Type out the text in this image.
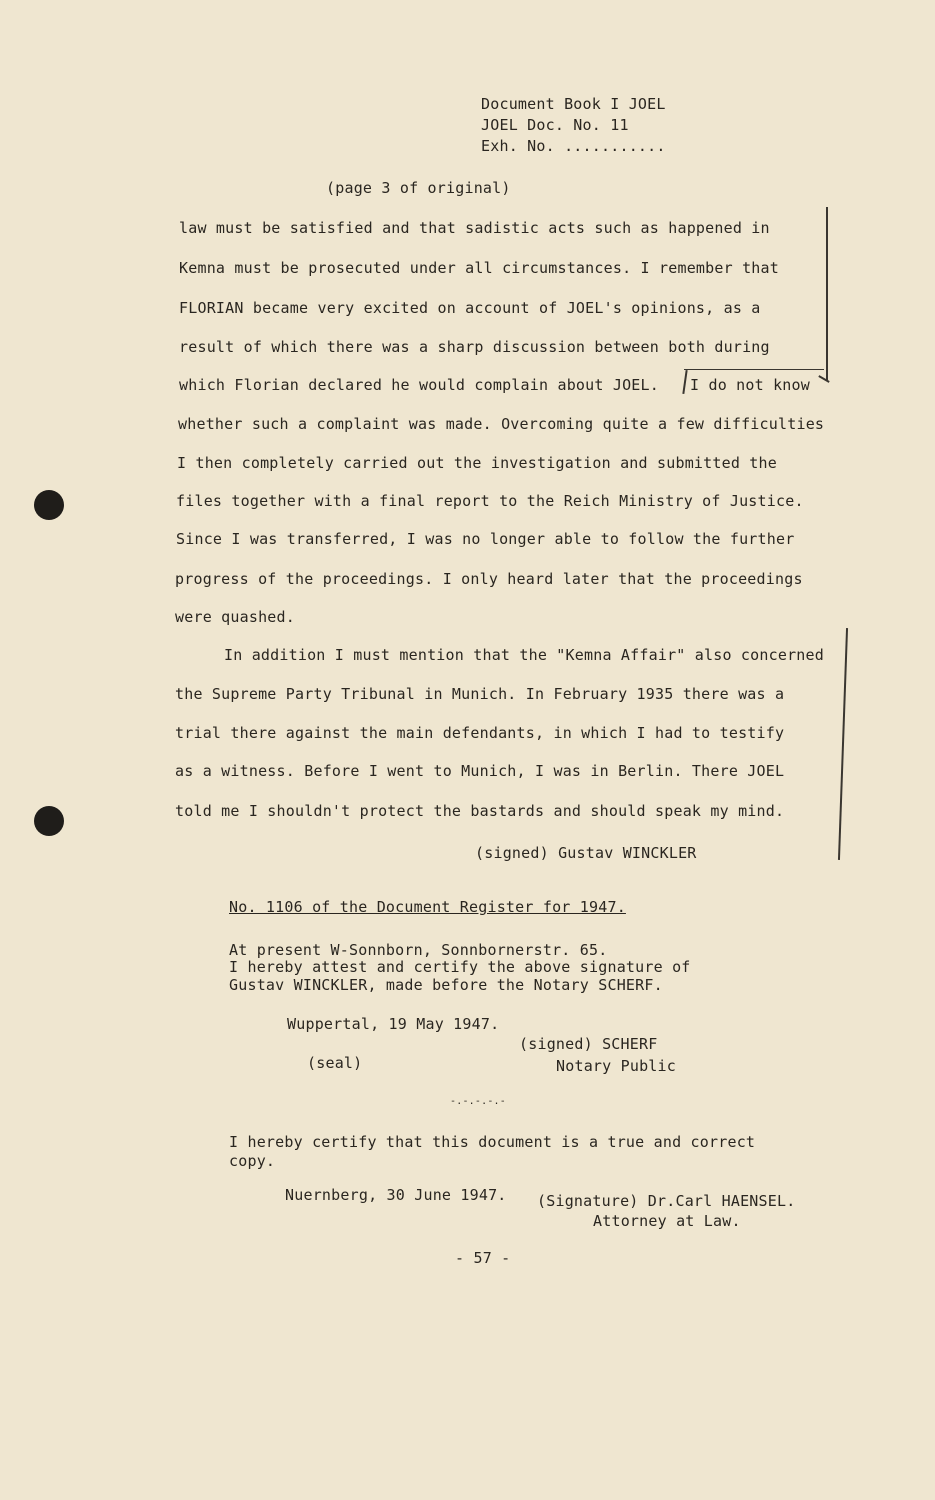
Document Book I JOEL
JOEL Doc. No. 11
Exh. No. ...........
(page 3 of original)
law must be satisfied and that sadistic acts such as happened in
Kemna must be prosecuted under all circumstances. I remember that
FLORIAN became very excited on account of JOEL's opinions, as a
result of which there was a sharp discussion between both during
which Florian declared he would complain about JOEL. I do not know
whether such a complaint was made. Overcoming quite a few difficulties
I then completely carried out the investigation and submitted the
files together with a final report to the Reich Ministry of Justice.
Since I was transferred, I was no longer able to follow the further
progress of the proceedings. I only heard later that the proceedings
were quashed.
In addition I must mention that the "Kemna Affair" also concerned
the Supreme Party Tribunal in Munich. In February 1935 there was a
trial there against the main defendants, in which I had to testify
as a witness. Before I went to Munich, I was in Berlin. There JOEL
told me I shouldn't protect the bastards and should speak my mind.
(signed) Gustav WINCKLER
No. 1106 of the Document Register for 1947.
At present W-Sonnborn, Sonnbornerstr. 65.
I hereby attest and certify the above signature of
Gustav WINCKLER, made before the Notary SCHERF.
Wuppertal, 19 May 1947.
(signed) SCHERF
(seal)	Notary Public
-.-.-.-.-
I hereby certify that this document is a true and correct
copy.
Nuernberg, 30 June 1947. (Signature) Dr.Carl HAENSEL.
Attorney at Law.
- 57 -
